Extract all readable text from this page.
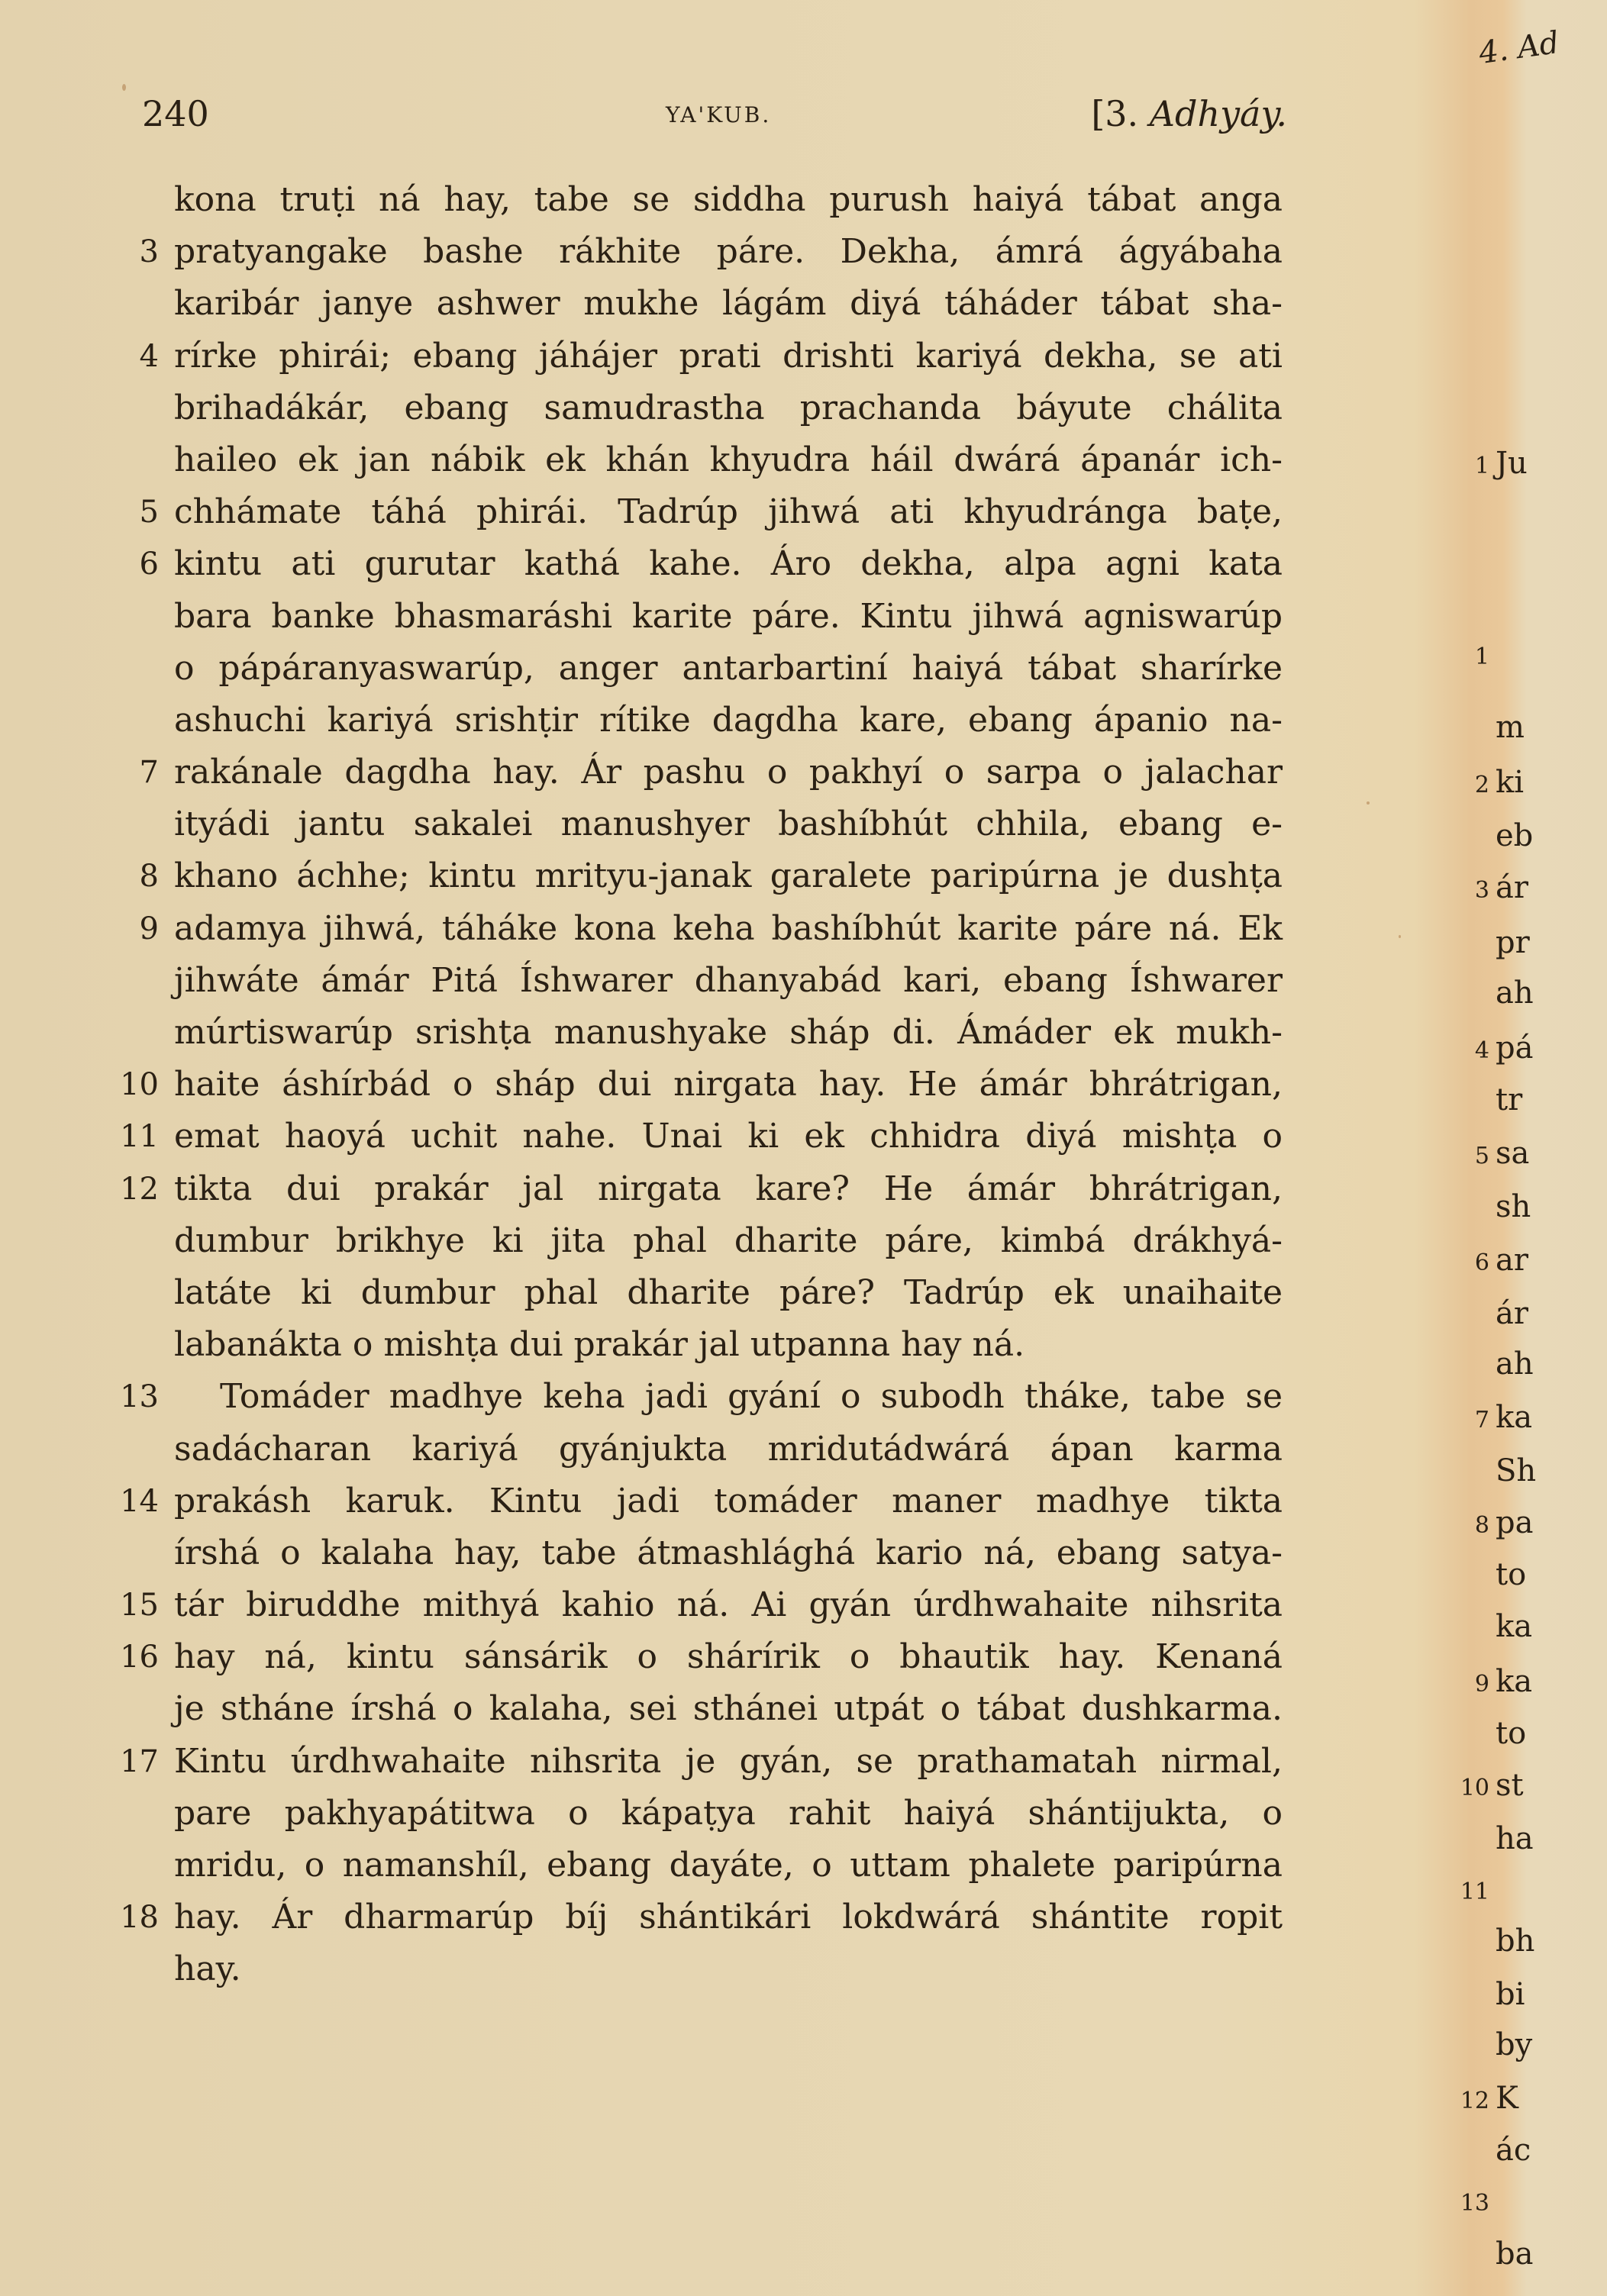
240	YA'KUB.	[3. Adhyáy.
kona truṭi ná hay, tabe se siddha purush haiyá tábat anga
3 pratyangake bashe rákhite páre. Dekha, ámrá ágyábaha
karibár janye ashwer mukhe lágám diyá táháder tábat sha-
4 rírke phirái; ebang jáhájer prati drishti kariyá dekha, se ati
brihadákár, ebang samudrastha prachanda báyute chálita
haileo ek jan nábik ek khán khyudra háil dwárá ápanár ich-
5 chhámate táhá phirái. Tadrúp jihwá ati khyudránga baṭe,
6 kintu ati gurutar kathá kahe. Áro dekha, alpa agni kata
bara banke bhasmaráshi karite páre. Kintu jihwá agniswarúp
o pápáranyaswarúp, anger antarbartiní haiyá tábat sharírke
ashuchi kariyá srishṭir rítike dagdha kare, ebang ápanio na-
7 rakánale dagdha hay. Ár pashu o pakhyí o sarpa o jalachar
ityádi jantu sakalei manushyer bashíbhút chhila, ebang e-
8 khano áchhe; kintu mrityu-janak garalete paripúrna je dushṭa
9 adamya jihwá, táháke kona keha bashíbhút karite páre ná. Ek
jihwáte ámár Pitá Íshwarer dhanyabád kari, ebang Íshwarer
múrtiswarúp srishṭa manushyake sháp di. Ámáder ek mukh-
10 haite áshírbád o sháp dui nirgata hay. He ámár bhrátrigan,
11 emat haoyá uchit nahe. Unai ki ek chhidra diyá mishṭa o
12 tikta dui prakár jal nirgata kare? He ámár bhrátrigan,
dumbur brikhye ki jita phal dharite páre, kimbá drákhyá-
latáte ki dumbur phal dharite páre? Tadrúp ek unaihaite
labanákta o mishṭa dui prakár jal utpanna hay ná.
13 Tomáder madhye keha jadi gyání o subodh tháke, tabe se
sadácharan kariyá gyánjukta mridutádwárá ápan karma
14 prakásh karuk. Kintu jadi tomáder maner madhye tikta
írshá o kalaha hay, tabe átmashlághá kario ná, ebang satya-
15 tár biruddhe mithyá kahio ná. Ai gyán úrdhwahaite nihsrita
16 hay ná, kintu sánsárik o shárírik o bhautik hay. Kenaná
je stháne írshá o kalaha, sei sthánei utpát o tábat dushkarma.
17 Kintu úrdhwahaite nihsrita je gyán, se prathamatah nirmal,
pare pakhyapátitwa o kápaṭya rahit haiyá shántijukta, o
mridu, o namanshíl, ebang dayáte, o uttam phalete paripúrna
18 hay. Ár dharmarúp bíj shántikári lokdwárá shántite ropit
hay.
4. Ad
1 Ju
1
m
2 ki
eb
3 ár
pr
ah
4 pá
tr
5 sa
sh
6 ar
ár
ah
7 ka
Sh
8 pa
to
ka
9 ka
to
10 st
ha
11
bh
bi
by
12 K
ác
13
ba
